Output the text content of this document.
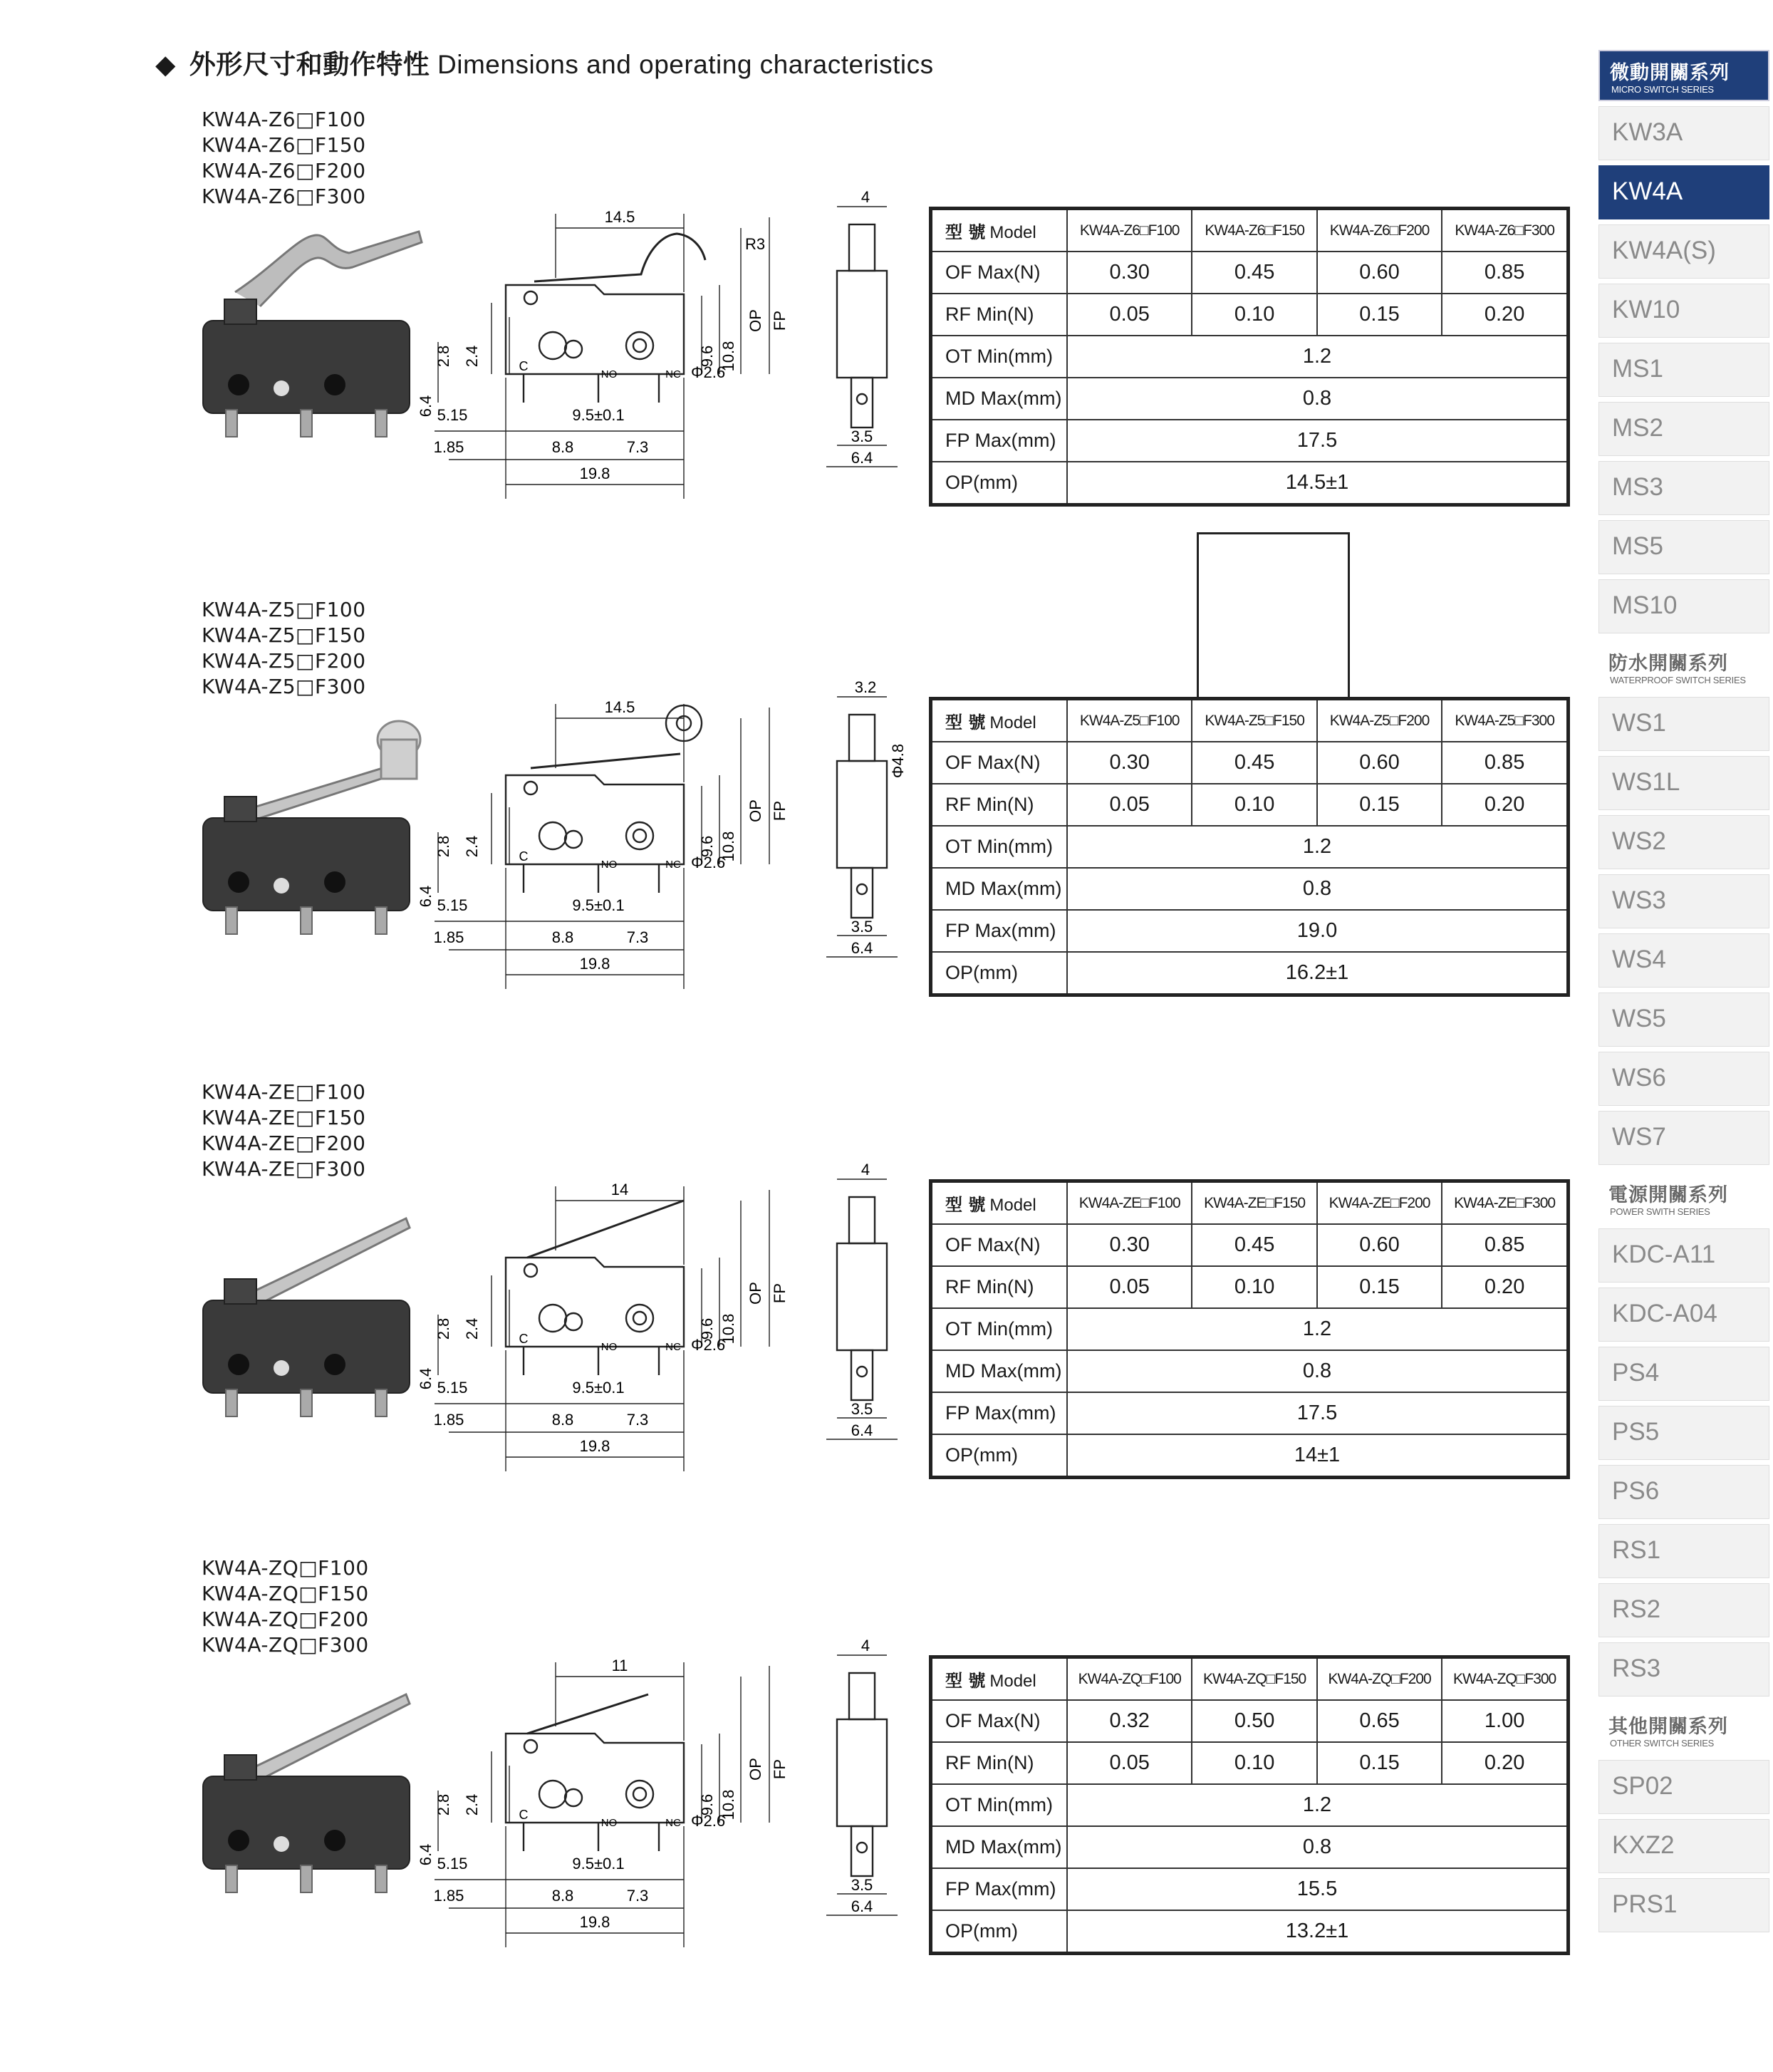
◆ 外形尺寸和動作特性 Dimensions and operating characteristics
KW4A-Z6□F100
KW4A-Z6□F150
KW4A-Z6□F200
KW4A-Z6□F300
14.5
R3
5.15	9.5±0.1
1.85	8.8	7.3
19.8
Φ2.6
2.8 2.4	9.6 10.8
6.4
OP FP
C
NO	NC
4
3.5
6.4
型 號 Model	KW4A-Z6□F100	KW4A-Z6□F150	KW4A-Z6□F200	KW4A-Z6□F300
OF Max(N)	0.30	0.45	0.60	0.85
RF Min(N)	0.05	0.10	0.15	0.20
OT Min(mm)	1.2			
MD Max(mm)	0.8			
FP Max(mm)	17.5			
OP(mm)	14.5±1			
KW4A-Z5□F100
KW4A-Z5□F150
KW4A-Z5□F200
KW4A-Z5□F300
14.5
5.15	9.5±0.1
1.85	8.8	7.3
19.8
Φ2.6
2.8 2.4	9.6 10.8
6.4
OP FP
C
NO	NC
3.2
3.5
6.4
Φ4.8
型 號 Model	KW4A-Z5□F100	KW4A-Z5□F150	KW4A-Z5□F200	KW4A-Z5□F300
OF Max(N)	0.30	0.45	0.60	0.85
RF Min(N)	0.05	0.10	0.15	0.20
OT Min(mm)	1.2			
MD Max(mm)	0.8			
FP Max(mm)	19.0			
OP(mm)	16.2±1			
KW4A-ZE□F100
KW4A-ZE□F150
KW4A-ZE□F200
KW4A-ZE□F300
14
5.15	9.5±0.1
1.85	8.8	7.3
19.8
Φ2.6
2.8 2.4	9.6 10.8
6.4
OP FP
C
NO	NC
4
3.5
6.4
型 號 Model	KW4A-ZE□F100	KW4A-ZE□F150	KW4A-ZE□F200	KW4A-ZE□F300
OF Max(N)	0.30	0.45	0.60	0.85
RF Min(N)	0.05	0.10	0.15	0.20
OT Min(mm)	1.2			
MD Max(mm)	0.8			
FP Max(mm)	17.5			
OP(mm)	14±1			
KW4A-ZQ□F100
KW4A-ZQ□F150
KW4A-ZQ□F200
KW4A-ZQ□F300
11
5.15	9.5±0.1
1.85	8.8	7.3
19.8
Φ2.6
2.8 2.4	9.6 10.8
6.4
OP FP
C
NO	NC
4
3.5
6.4
型 號 Model	KW4A-ZQ□F100	KW4A-ZQ□F150	KW4A-ZQ□F200	KW4A-ZQ□F300
OF Max(N)	0.32	0.50	0.65	1.00
RF Min(N)	0.05	0.10	0.15	0.20
OT Min(mm)	1.2			
MD Max(mm)	0.8			
FP Max(mm)	15.5			
OP(mm)	13.2±1			
微動開關系列
MICRO SWITCH SERIES
KW3A
KW4A
KW4A(S)
KW10
MS1
MS2
MS3
MS5
MS10
防水開關系列
WATERPROOF SWITCH SERIES
WS1
WS1L
WS2
WS3
WS4
WS5
WS6
WS7
電源開關系列
POWER SWITH SERIES
KDC-A11
KDC-A04
PS4
PS5
PS6
RS1
RS2
RS3
其他開關系列
OTHER SWITCH SERIES
SP02
KXZ2
PRS1
